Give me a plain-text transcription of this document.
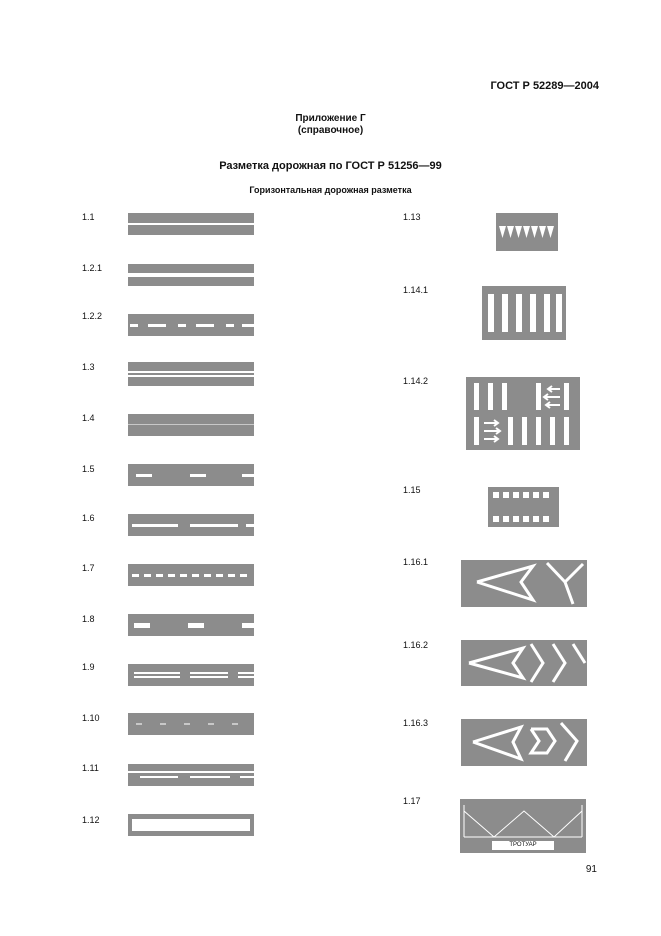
ГОСТ Р 52289—2004
Приложение Г
(справочное)
Разметка дорожная по ГОСТ Р 51256—99
Горизонтальная дорожная разметка
1.1
1.2.1
1.2.2
1.3
1.4
1.5
1.6
1.7
1.8
1.9
1.10
1.11
1.12
1.13
1.14.1
1.14.2
1.15
1.16.1
1.16.2
1.16.3
1.17
ТРОТУАР
91
